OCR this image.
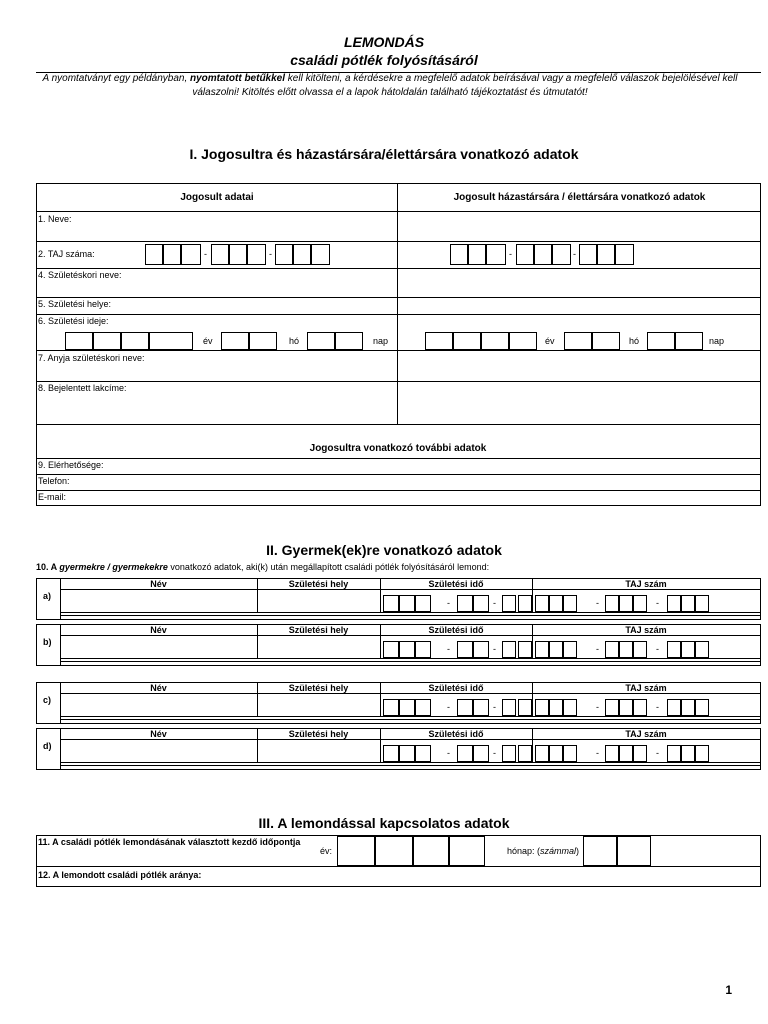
LEMONDÁS
családi pótlék folyósításáról
A nyomtatványt egy példányban, nyomtatott betűkkel kell kitölteni, a kérdésekre a megfelelő adatok beírásával vagy a megfelelő válaszok bejelölésével kell válaszolni! Kitöltés előtt olvassa el a lapok hátoldalán található tájékoztatást és útmutatót!
I. Jogosultra és házastársára/élettársára vonatkozó adatok
Jogosult adatai	Jogosult házastársára / élettársára vonatkozó adatok
1. Neve:
2. TAJ száma:
4. Születéskori neve:
5. Születési helye:
6. Születési ideje:
7. Anyja születéskori neve:
8. Bejelentett lakcíme:
Jogosultra vonatkozó további adatok
9. Elérhetősége:
Telefon:
E-mail:
-	-	-	-
év	hó	nap	év	hó	nap
II. Gyermek(ek)re vonatkozó adatok
10. A gyermekre / gyermekekre vonatkozó adatok, aki(k) után megállapított családi pótlék folyósításáról lemond:
a)
Név	Születési hely	Születési idő	TAJ szám
-	-	-	-
b)
Név	Születési hely	Születési idő	TAJ szám
-	-	-	-
c)
Név	Születési hely	Születési idő	TAJ szám
-	-	-	-
d)
Név	Születési hely	Születési idő	TAJ szám
-	-	-	-
III. A lemondással kapcsolatos adatok
11. A családi pótlék lemondásának választott kezdő időpontja
év:	hónap: (számmal)
12. A lemondott családi pótlék aránya:
1
